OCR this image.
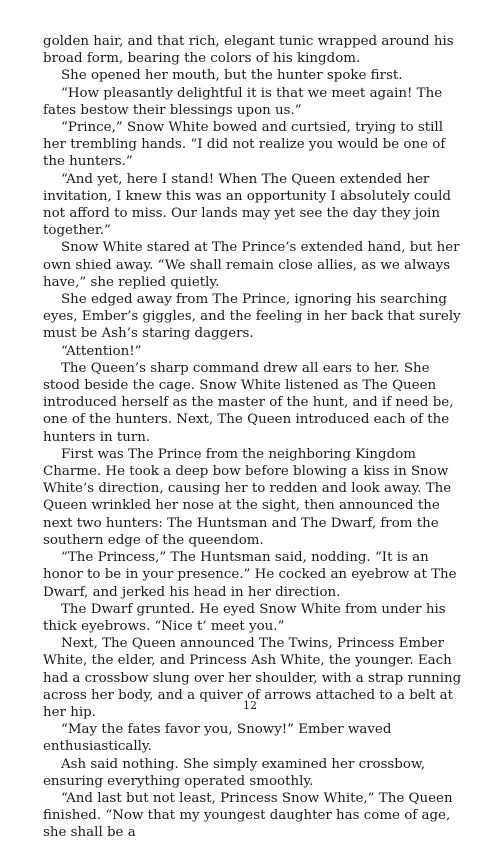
golden hair, and that rich, elegant tunic wrapped around his broad form, bearing the colors of his kingdom.

She opened her mouth, but the hunter spoke first.

“How pleasantly delightful it is that we meet again! The fates bestow their blessings upon us.”

“Prince,” Snow White bowed and curtsied, trying to still her trembling hands. “I did not realize you would be one of the hunters.”

“And yet, here I stand! When The Queen extended her invitation, I knew this was an opportunity I absolutely could not afford to miss. Our lands may yet see the day they join together.”

Snow White stared at The Prince’s extended hand, but her own shied away. “We shall remain close allies, as we always have,” she replied quietly.

She edged away from The Prince, ignoring his searching eyes, Ember’s giggles, and the feeling in her back that surely must be Ash’s staring daggers.

“Attention!”

The Queen’s sharp command drew all ears to her. She stood beside the cage. Snow White listened as The Queen introduced herself as the master of the hunt, and if need be, one of the hunters. Next, The Queen introduced each of the hunters in turn.

First was The Prince from the neighboring Kingdom Charme. He took a deep bow before blowing a kiss in Snow White’s direction, causing her to redden and look away. The Queen wrinkled her nose at the sight, then announced the next two hunters: The Huntsman and The Dwarf, from the southern edge of the queendom.

“The Princess,” The Huntsman said, nodding. “It is an honor to be in your presence.” He cocked an eyebrow at The Dwarf, and jerked his head in her direction.

The Dwarf grunted. He eyed Snow White from under his thick eyebrows. “Nice t’ meet you.”

Next, The Queen announced The Twins, Princess Ember White, the elder, and Princess Ash White, the younger. Each had a crossbow slung over her shoulder, with a strap running across her body, and a quiver of arrows attached to a belt at her hip.

“May the fates favor you, Snowy!” Ember waved enthusiastically.

Ash said nothing. She simply examined her crossbow, ensuring everything operated smoothly.

“And last but not least, Princess Snow White,” The Queen finished. “Now that my youngest daughter has come of age, she shall be a

12
